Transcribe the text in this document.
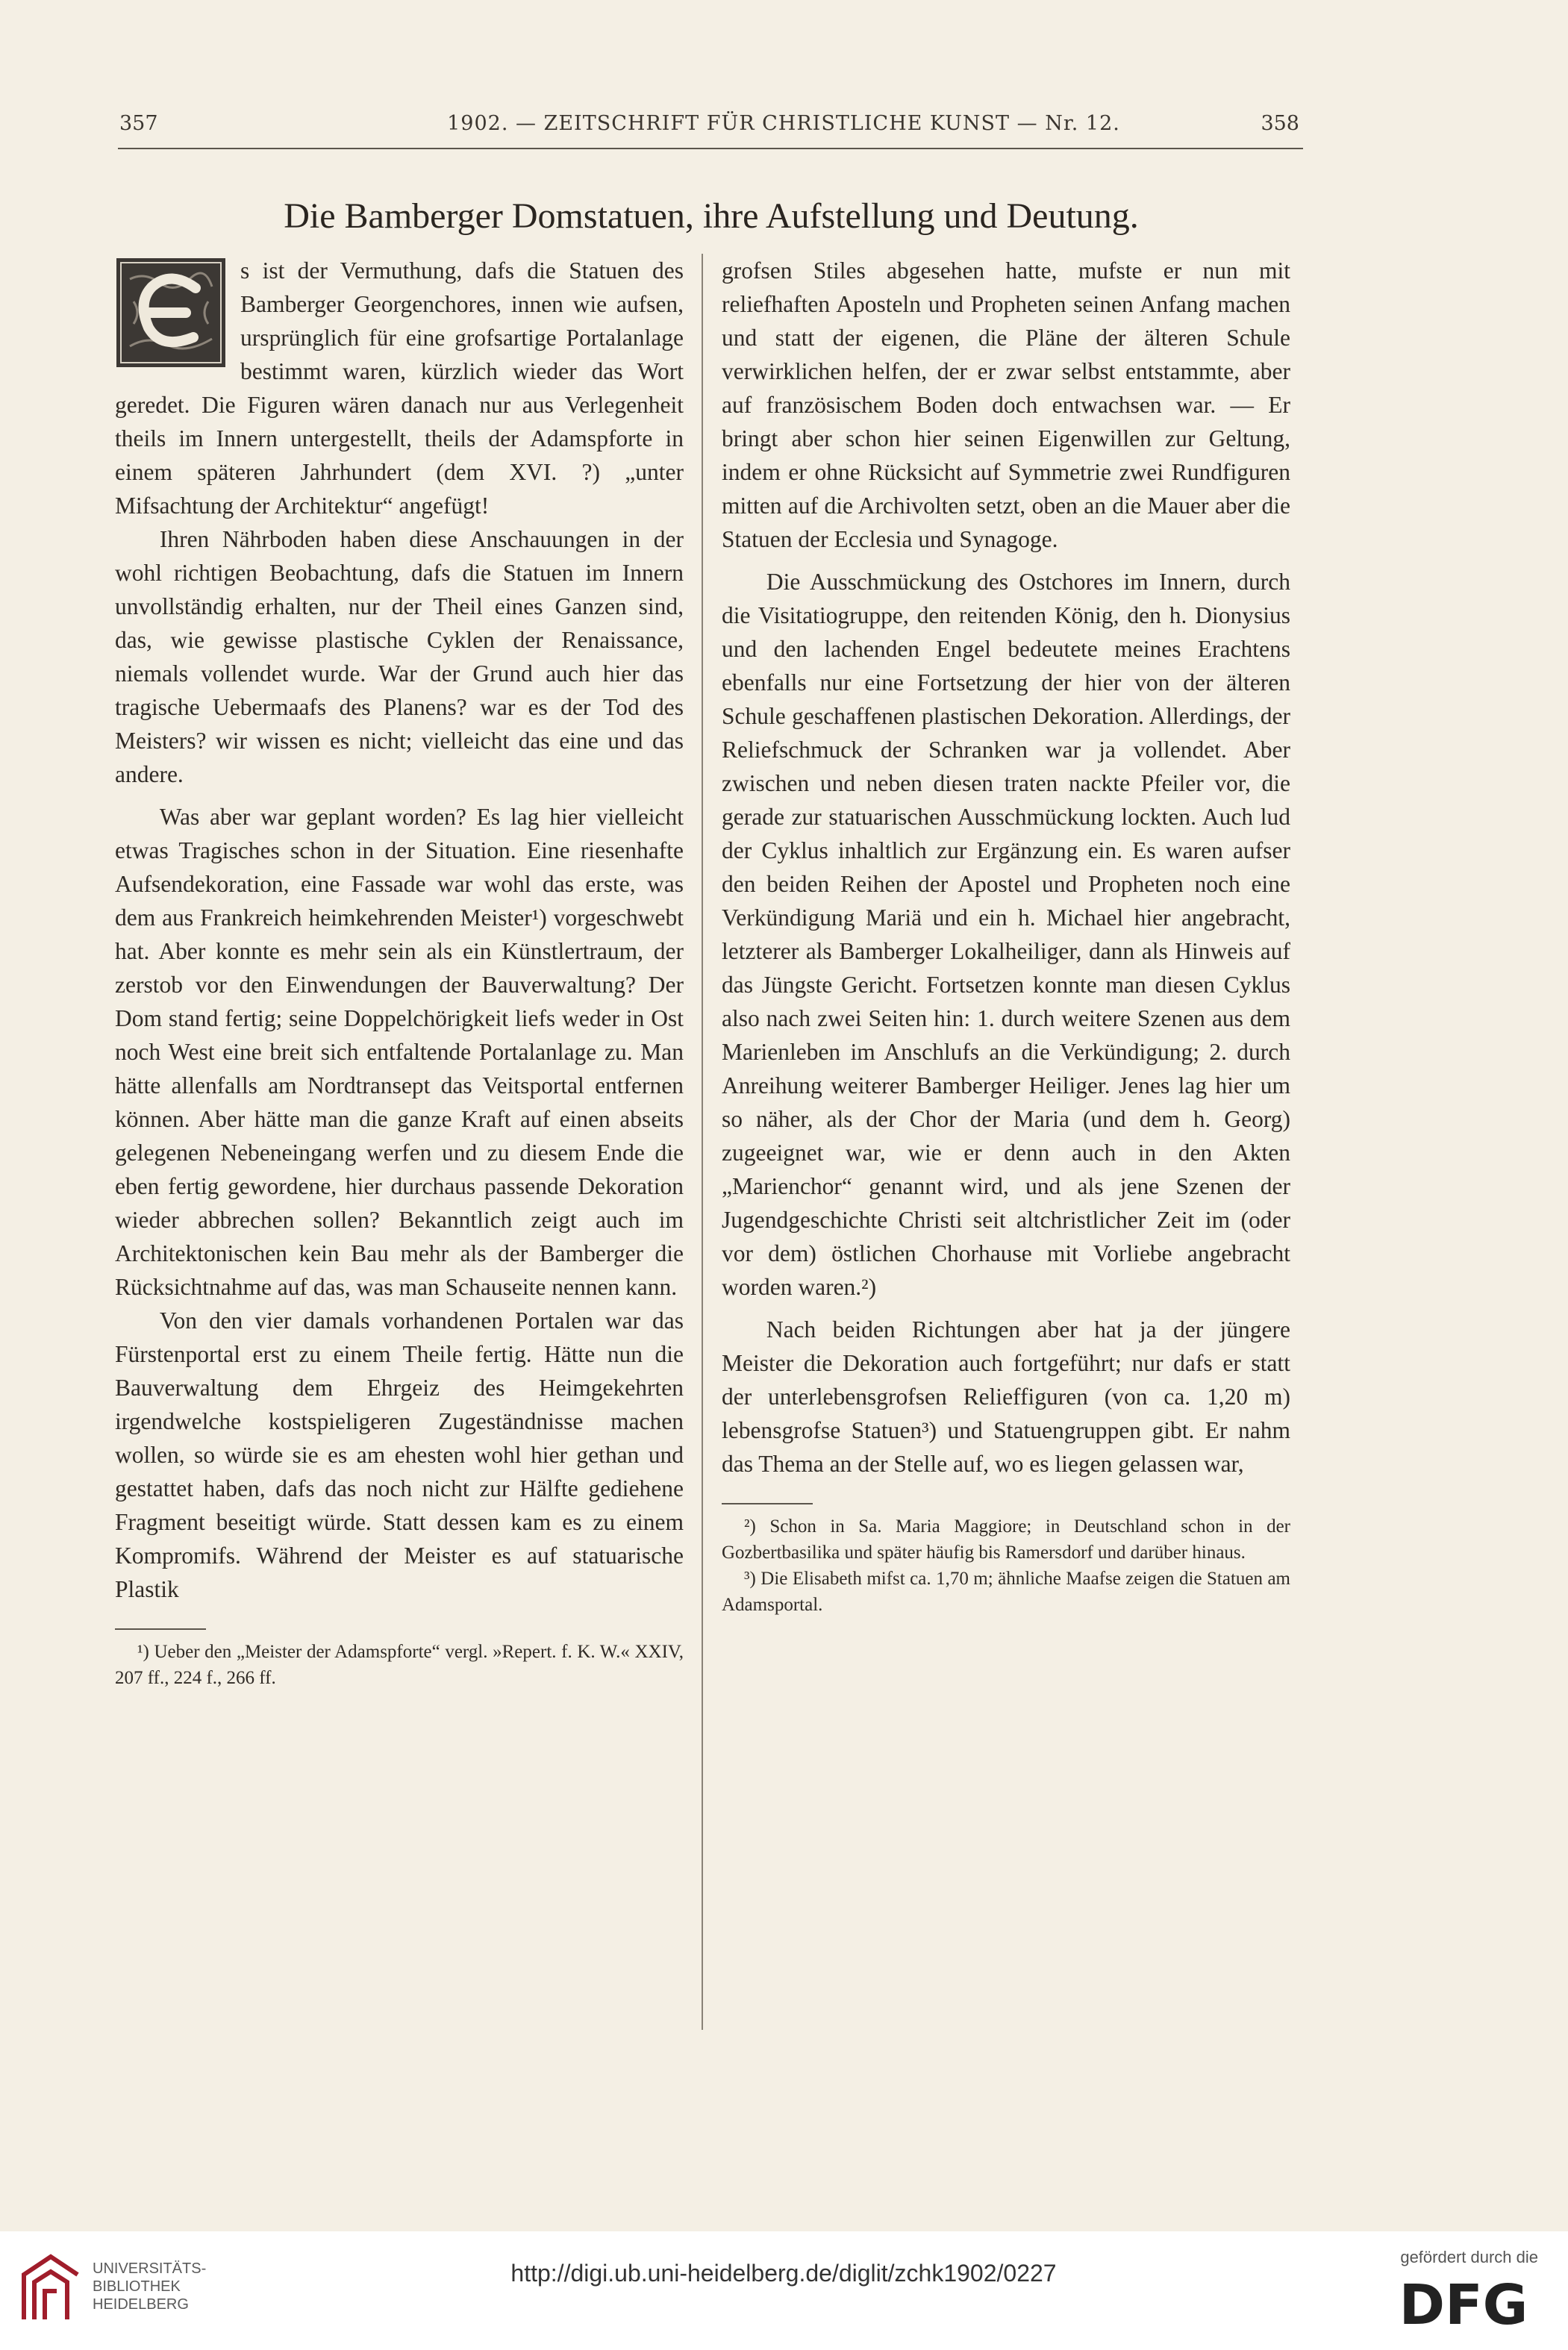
357	1902. — ZEITSCHRIFT FÜR CHRISTLICHE KUNST — Nr. 12.	358
Die Bamberger Domstatuen, ihre Aufstellung und Deutung.

s ist der Vermuthung, dafs die Statuen des Bamberger Georgenchores, innen wie aufsen, ursprünglich für eine grofsartige Portalanlage bestimmt waren, kürzlich wieder das Wort geredet. Die Figuren wären danach nur aus Verlegenheit theils im Innern untergestellt, theils der Adamspforte in einem späteren Jahrhundert (dem XVI. ?) „unter Mifsachtung der Architektur“ angefügt!

Ihren Nährboden haben diese Anschauungen in der wohl richtigen Beobachtung, dafs die Statuen im Innern unvollständig erhalten, nur der Theil eines Ganzen sind, das, wie gewisse plastische Cyklen der Renaissance, niemals vollendet wurde. War der Grund auch hier das tragische Uebermaafs des Planens? war es der Tod des Meisters? wir wissen es nicht; vielleicht das eine und das andere.

Was aber war geplant worden? Es lag hier vielleicht etwas Tragisches schon in der Situation. Eine riesenhafte Aufsendekoration, eine Fassade war wohl das erste, was dem aus Frankreich heimkehrenden Meister¹) vorgeschwebt hat. Aber konnte es mehr sein als ein Künstlertraum, der zerstob vor den Einwendungen der Bauverwaltung? Der Dom stand fertig; seine Doppelchörigkeit liefs weder in Ost noch West eine breit sich entfaltende Portalanlage zu. Man hätte allenfalls am Nordtransept das Veitsportal entfernen können. Aber hätte man die ganze Kraft auf einen abseits gelegenen Nebeneingang werfen und zu diesem Ende die eben fertig gewordene, hier durchaus passende Dekoration wieder abbrechen sollen? Bekanntlich zeigt auch im Architektonischen kein Bau mehr als der Bamberger die Rücksichtnahme auf das, was man Schauseite nennen kann.

Von den vier damals vorhandenen Portalen war das Fürstenportal erst zu einem Theile fertig. Hätte nun die Bauverwaltung dem Ehrgeiz des Heimgekehrten irgendwelche kostspieligeren Zugeständnisse machen wollen, so würde sie es am ehesten wohl hier gethan und gestattet haben, dafs das noch nicht zur Hälfte gediehene Fragment beseitigt würde. Statt dessen kam es zu einem Kompromifs. Während der Meister es auf statuarische Plastik

¹) Ueber den „Meister der Adamspforte“ vergl. »Repert. f. K. W.« XXIV, 207 ff., 224 f., 266 ff.

grofsen Stiles abgesehen hatte, mufste er nun mit reliefhaften Aposteln und Propheten seinen Anfang machen und statt der eigenen, die Pläne der älteren Schule verwirklichen helfen, der er zwar selbst entstammte, aber auf französischem Boden doch entwachsen war. — Er bringt aber schon hier seinen Eigenwillen zur Geltung, indem er ohne Rücksicht auf Symmetrie zwei Rundfiguren mitten auf die Archivolten setzt, oben an die Mauer aber die Statuen der Ecclesia und Synagoge.

Die Ausschmückung des Ostchores im Innern, durch die Visitatiogruppe, den reitenden König, den h. Dionysius und den lachenden Engel bedeutete meines Erachtens ebenfalls nur eine Fortsetzung der hier von der älteren Schule geschaffenen plastischen Dekoration. Allerdings, der Reliefschmuck der Schranken war ja vollendet. Aber zwischen und neben diesen traten nackte Pfeiler vor, die gerade zur statuarischen Ausschmückung lockten. Auch lud der Cyklus inhaltlich zur Ergänzung ein. Es waren aufser den beiden Reihen der Apostel und Propheten noch eine Verkündigung Mariä und ein h. Michael hier angebracht, letzterer als Bamberger Lokalheiliger, dann als Hinweis auf das Jüngste Gericht. Fortsetzen konnte man diesen Cyklus also nach zwei Seiten hin: 1. durch weitere Szenen aus dem Marienleben im Anschlufs an die Verkündigung; 2. durch Anreihung weiterer Bamberger Heiliger. Jenes lag hier um so näher, als der Chor der Maria (und dem h. Georg) zugeeignet war, wie er denn auch in den Akten „Marienchor“ genannt wird, und als jene Szenen der Jugendgeschichte Christi seit altchristlicher Zeit im (oder vor dem) östlichen Chorhause mit Vorliebe angebracht worden waren.²)

Nach beiden Richtungen aber hat ja der jüngere Meister die Dekoration auch fortgeführt; nur dafs er statt der unterlebensgrofsen Relieffiguren (von ca. 1,20 m) lebensgrofse Statuen³) und Statuengruppen gibt. Er nahm das Thema an der Stelle auf, wo es liegen gelassen war,

²) Schon in Sa. Maria Maggiore; in Deutschland schon in der Gozbertbasilika und später häufig bis Ramersdorf und darüber hinaus.

³) Die Elisabeth mifst ca. 1,70 m; ähnliche Maafse zeigen die Statuen am Adamsportal.

UNIVERSITÄTS-
BIBLIOTHEK
HEIDELBERG
http://digi.ub.uni-heidelberg.de/diglit/zchk1902/0227
gefördert durch die
DFG
